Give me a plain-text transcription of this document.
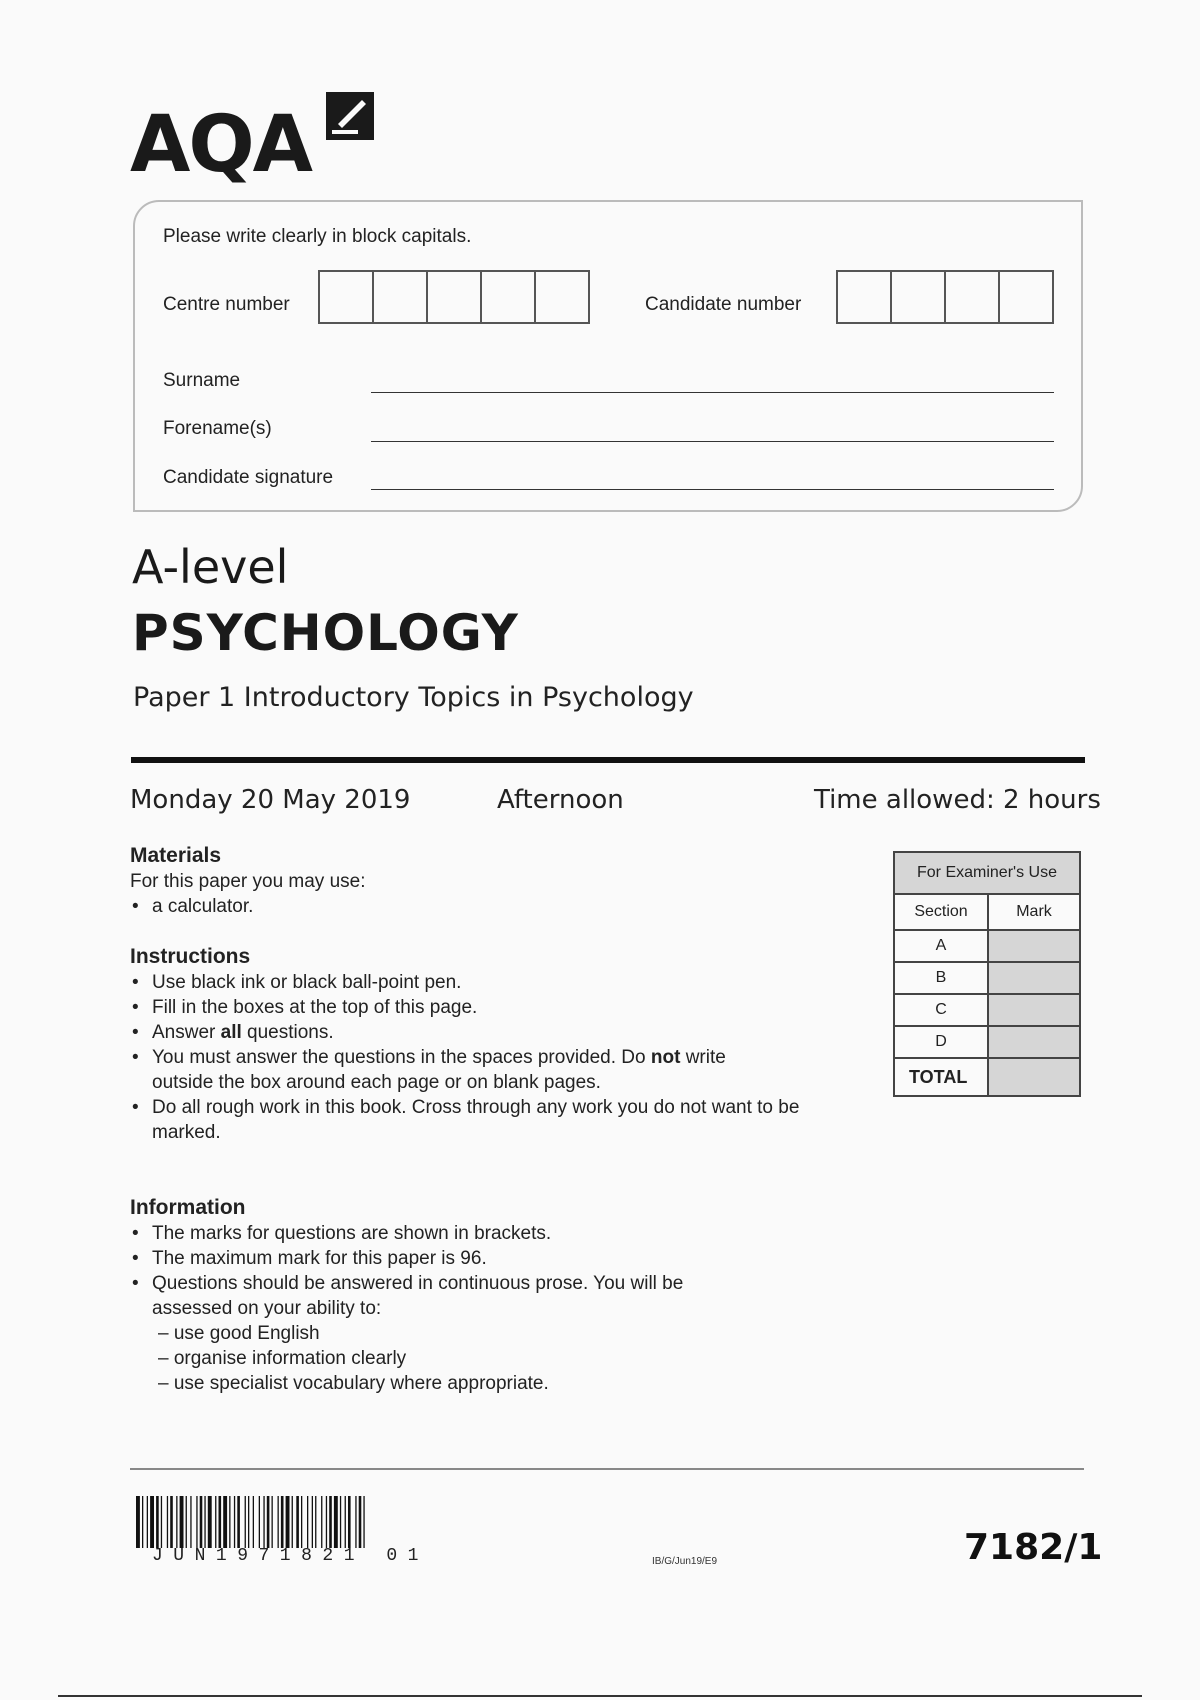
AQA
Please write clearly in block capitals.
Centre number	Candidate number
Surname
Forename(s)
Candidate signature
A-level
PSYCHOLOGY
Paper 1 Introductory Topics in Psychology
Monday 20 May 2019	Afternoon	Time allowed: 2 hours
Materials
For this paper you may use:
• a calculator.
Instructions
• Use black ink or black ball-point pen.
• Fill in the boxes at the top of this page.
• Answer all questions.
• You must answer the questions in the spaces provided. Do not write outside the box around each page or on blank pages.
• Do all rough work in this book. Cross through any work you do not want to be marked.
Information
• The marks for questions are shown in brackets.
• The maximum mark for this paper is 96.
• Questions should be answered in continuous prose. You will be assessed on your ability to:
– use good English
– organise information clearly
– use specialist vocabulary where appropriate.
For Examiner's Use	
Section	Mark
A	
B	
C	
D	
TOTAL	
JUN1971821 01	IB/G/Jun19/E9	7182/1
